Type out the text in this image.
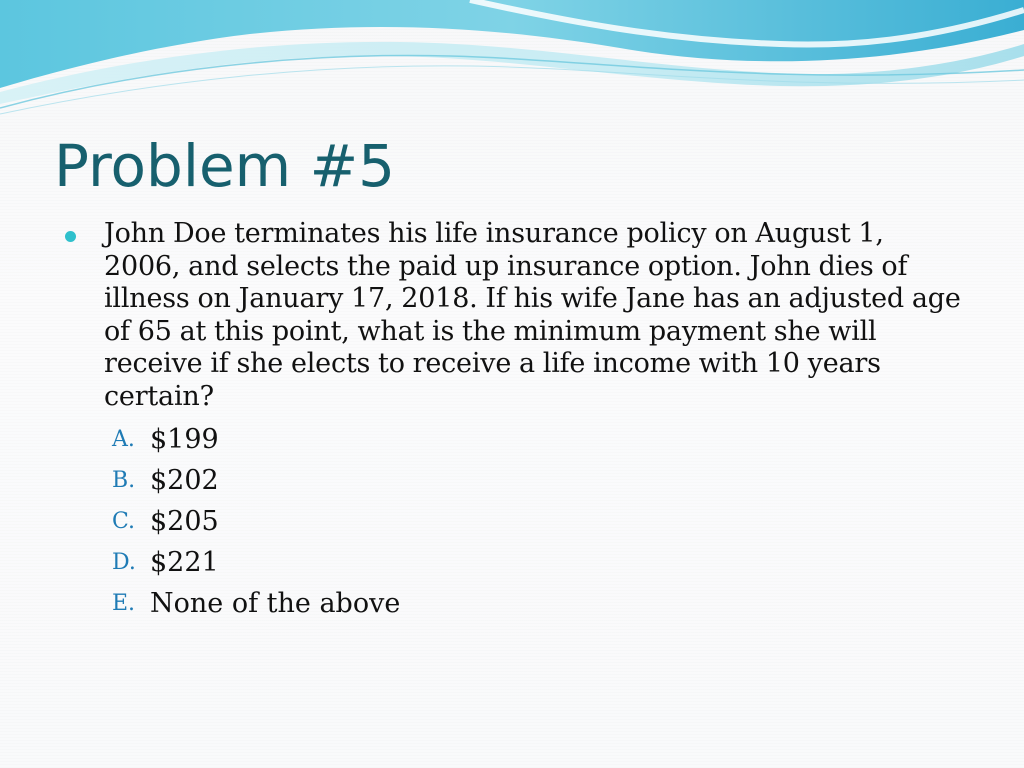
Problem #5

John Doe terminates his life insurance policy on August 1, 2006, and selects the paid up insurance option. John dies of illness on January 17, 2018. If his wife Jane has an adjusted age of 65 at this point, what is the minimum payment she will receive if she elects to receive a life income with 10 years certain?

A. $199
B. $202
C. $205
D. $221
E. None of the above
